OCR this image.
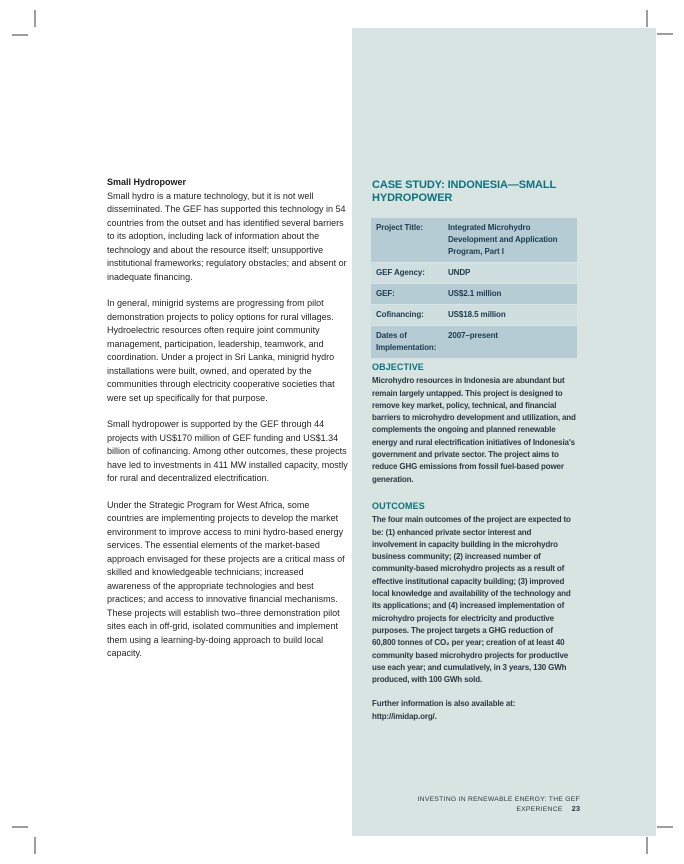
Small Hydropower

Small hydro is a mature technology, but it is not well disseminated. The GEF has supported this technology in 54 countries from the outset and has identified several barriers to its adoption, including lack of information about the technology and about the resource itself; unsupportive institutional frameworks; regulatory obstacles; and absent or inadequate financing.

In general, minigrid systems are progressing from pilot demonstration projects to policy options for rural villages. Hydroelectric resources often require joint community management, participation, leadership, teamwork, and coordination. Under a project in Sri Lanka, minigrid hydro installations were built, owned, and operated by the communities through electricity cooperative societies that were set up specifically for that purpose.

Small hydropower is supported by the GEF through 44 projects with US$170 million of GEF funding and US$1.34 billion of cofinancing. Among other outcomes, these projects have led to investments in 411 MW installed capacity, mostly for rural and decentralized electrification.

Under the Strategic Program for West Africa, some countries are implementing projects to develop the market environment to improve access to mini hydro-based energy services. The essential elements of the market-based approach envisaged for these projects are a critical mass of skilled and knowledgeable technicians; increased awareness of the appropriate technologies and best practices; and access to innovative financial mechanisms. These projects will establish two–three demonstration pilot sites each in off-grid, isolated communities and implement them using a learning-by-doing approach to build local capacity.

CASE STUDY: INDONESIA—SMALL HYDROPOWER
Project Title:	Integrated Microhydro Development and Application Program, Part I
GEF Agency:	UNDP
GEF:	US$2.1 million
Cofinancing:	US$18.5 million
Dates of Implementation:
2007–present
OBJECTIVE

Microhydro resources in Indonesia are abundant but remain largely untapped. This project is designed to remove key market, policy, technical, and financial barriers to microhydro development and utilization, and complements the ongoing and planned renewable energy and rural electrification initiatives of Indonesia's government and private sector. The project aims to reduce GHG emissions from fossil fuel-based power generation.

OUTCOMES

The four main outcomes of the project are expected to be: (1) enhanced private sector interest and involvement in capacity building in the microhydro business community; (2) increased number of community-based microhydro projects as a result of effective institutional capacity building; (3) improved local knowledge and availability of the technology and its applications; and (4) increased implementation of microhydro projects for electricity and productive purposes. The project targets a GHG reduction of 60,800 tonnes of CO₂ per year; creation of at least 40 community based microhydro projects for productive use each year; and cumulatively, in 3 years, 130 GWh produced, with 100 GWh sold.

Further information is also available at: http://imidap.org/.

INVESTING IN RENEWABLE ENERGY: THE GEF EXPERIENCE 23
